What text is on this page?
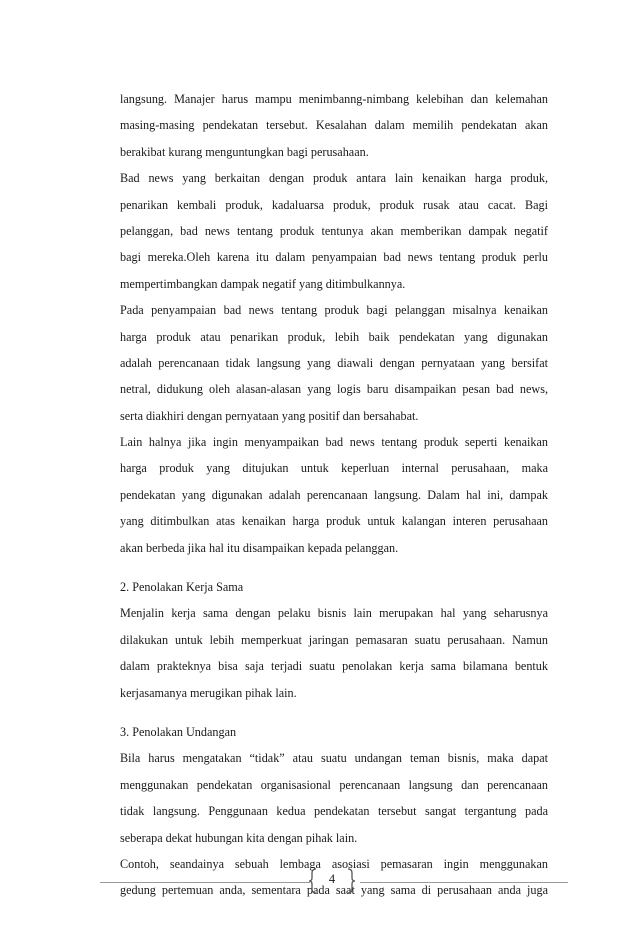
langsung. Manajer harus mampu menimbanng-nimbang kelebihan dan kelemahan
masing-masing pendekatan tersebut. Kesalahan dalam memilih pendekatan akan
berakibat kurang menguntungkan bagi perusahaan.
Bad news yang berkaitan dengan produk antara lain kenaikan harga produk,
penarikan kembali produk, kadaluarsa produk, produk rusak atau cacat. Bagi
pelanggan, bad news tentang produk tentunya akan memberikan dampak negatif
bagi mereka.Oleh karena itu dalam penyampaian bad news tentang produk perlu
mempertimbangkan dampak negatif yang ditimbulkannya.
Pada penyampaian bad news tentang produk bagi pelanggan misalnya kenaikan
harga produk atau penarikan produk, lebih baik pendekatan yang digunakan
adalah perencanaan tidak langsung yang diawali dengan pernyataan yang bersifat
netral, didukung oleh alasan-alasan yang logis baru disampaikan pesan bad news,
serta diakhiri dengan pernyataan yang positif dan bersahabat.
Lain halnya jika ingin menyampaikan bad news tentang produk seperti kenaikan
harga produk yang ditujukan untuk keperluan internal perusahaan, maka
pendekatan yang digunakan adalah perencanaan langsung. Dalam hal ini, dampak
yang ditimbulkan atas kenaikan harga produk untuk kalangan interen perusahaan
akan berbeda jika hal itu disampaikan kepada pelanggan.
2. Penolakan Kerja Sama
Menjalin kerja sama dengan pelaku bisnis lain merupakan hal yang seharusnya
dilakukan untuk lebih memperkuat jaringan pemasaran suatu perusahaan. Namun
dalam prakteknya bisa saja terjadi suatu penolakan kerja sama bilamana bentuk
kerjasamanya merugikan pihak lain.
3. Penolakan Undangan
Bila harus mengatakan “tidak” atau suatu undangan teman bisnis, maka dapat
menggunakan pendekatan organisasional perencanaan langsung dan perencanaan
tidak langsung. Penggunaan kedua pendekatan tersebut sangat tergantung pada
seberapa dekat hubungan kita dengan pihak lain.
Contoh, seandainya sebuah lembaga asosiasi pemasaran ingin menggunakan
gedung pertemuan anda, sementara pada saat yang sama di perusahaan anda juga
4
